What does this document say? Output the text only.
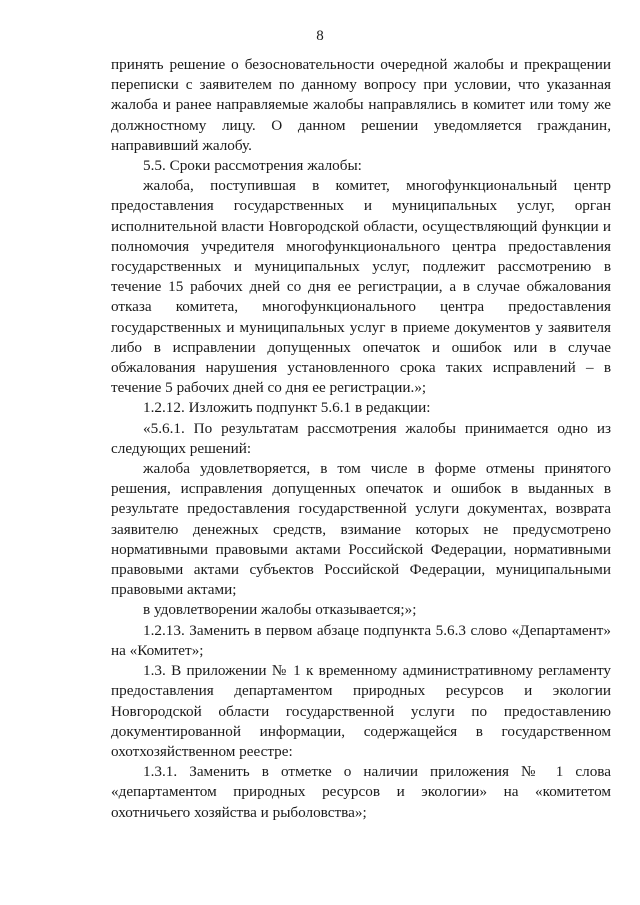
8

принять решение о безосновательности очередной жалобы и прекращении переписки с заявителем по данному вопросу при условии, что указанная жалоба и ранее направляемые жалобы направлялись в комитет или тому же должностному лицу. О данном решении уведомляется гражданин, направивший жалобу.

5.5. Сроки рассмотрения жалобы:

жалоба, поступившая в комитет, многофункциональный центр предоставления государственных и муниципальных услуг, орган исполнительной власти Новгородской области, осуществляющий функции и полномочия учредителя многофункционального центра предоставления государственных и муниципальных услуг, подлежит рассмотрению в течение 15 рабочих дней со дня ее регистрации, а в случае обжалования отказа комитета, многофункционального центра предоставления государственных и муниципальных услуг в приеме документов у заявителя либо в исправлении допущенных опечаток и ошибок или в случае обжалования нарушения установленного срока таких исправлений – в течение 5 рабочих дней со дня ее регистрации.»;

1.2.12. Изложить подпункт 5.6.1 в редакции:

«5.6.1. По результатам рассмотрения жалобы принимается одно из следующих решений:

жалоба удовлетворяется, в том числе в форме отмены принятого решения, исправления допущенных опечаток и ошибок в выданных в результате предоставления государственной услуги документах, возврата заявителю денежных средств, взимание которых не предусмотрено нормативными правовыми актами Российской Федерации, нормативными правовыми актами субъектов Российской Федерации, муниципальными правовыми актами;

в удовлетворении жалобы отказывается;»;

1.2.13. Заменить в первом абзаце подпункта 5.6.3 слово «Департамент» на «Комитет»;

1.3. В приложении № 1 к временному административному регламенту предоставления департаментом природных ресурсов и экологии Новгородской области государственной услуги по предоставлению документированной информации, содержащейся в государственном охотхозяйственном реестре:

1.3.1. Заменить в отметке о наличии приложения № 1 слова «департаментом природных ресурсов и экологии» на «комитетом охотничьего хозяйства и рыболовства»;
